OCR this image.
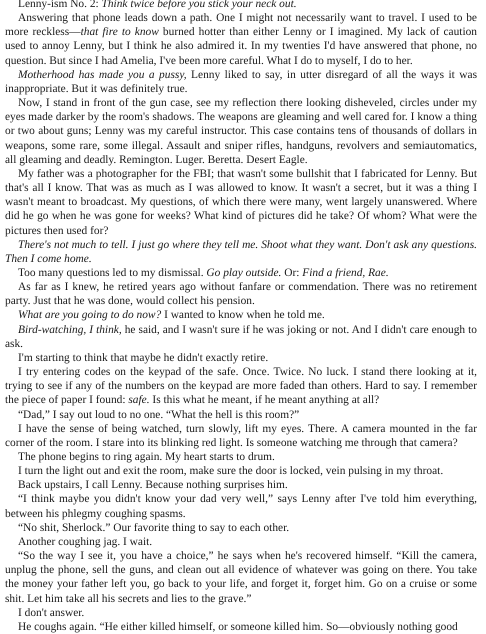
Lenny-ism No. 2: Think twice before you stick your neck out.

Answering that phone leads down a path. One I might not necessarily want to travel. I used to be more reckless—that fire to know burned hotter than either Lenny or I imagined. My lack of caution used to annoy Lenny, but I think he also admired it. In my twenties I'd have answered that phone, no question. But since I had Amelia, I've been more careful. What I do to myself, I do to her.

Motherhood has made you a pussy, Lenny liked to say, in utter disregard of all the ways it was inappropriate. But it was definitely true.

Now, I stand in front of the gun case, see my reflection there looking disheveled, circles under my eyes made darker by the room's shadows. The weapons are gleaming and well cared for. I know a thing or two about guns; Lenny was my careful instructor. This case contains tens of thousands of dollars in weapons, some rare, some illegal. Assault and sniper rifles, handguns, revolvers and semiautomatics, all gleaming and deadly. Remington. Luger. Beretta. Desert Eagle.

My father was a photographer for the FBI; that wasn't some bullshit that I fabricated for Lenny. But that's all I know. That was as much as I was allowed to know. It wasn't a secret, but it was a thing I wasn't meant to broadcast. My questions, of which there were many, went largely unanswered. Where did he go when he was gone for weeks? What kind of pictures did he take? Of whom? What were the pictures then used for?

There's not much to tell. I just go where they tell me. Shoot what they want. Don't ask any questions. Then I come home.

Too many questions led to my dismissal. Go play outside. Or: Find a friend, Rae.

As far as I knew, he retired years ago without fanfare or commendation. There was no retirement party. Just that he was done, would collect his pension.

What are you going to do now? I wanted to know when he told me.

Bird-watching, I think, he said, and I wasn't sure if he was joking or not. And I didn't care enough to ask.

I'm starting to think that maybe he didn't exactly retire.

I try entering codes on the keypad of the safe. Once. Twice. No luck. I stand there looking at it, trying to see if any of the numbers on the keypad are more faded than others. Hard to say. I remember the piece of paper I found: safe. Is this what he meant, if he meant anything at all?

“Dad,” I say out loud to no one. “What the hell is this room?”

I have the sense of being watched, turn slowly, lift my eyes. There. A camera mounted in the far corner of the room. I stare into its blinking red light. Is someone watching me through that camera?

The phone begins to ring again. My heart starts to drum.

I turn the light out and exit the room, make sure the door is locked, vein pulsing in my throat.

Back upstairs, I call Lenny. Because nothing surprises him.

“I think maybe you didn't know your dad very well,” says Lenny after I've told him everything, between his phlegmy coughing spasms.

“No shit, Sherlock.” Our favorite thing to say to each other.

Another coughing jag. I wait.

“So the way I see it, you have a choice,” he says when he's recovered himself. “Kill the camera, unplug the phone, sell the guns, and clean out all evidence of whatever was going on there. You take the money your father left you, go back to your life, and forget it, forget him. Go on a cruise or some shit. Let him take all his secrets and lies to the grave.”

I don't answer.

He coughs again. “He either killed himself, or someone killed him. So—obviously nothing good
